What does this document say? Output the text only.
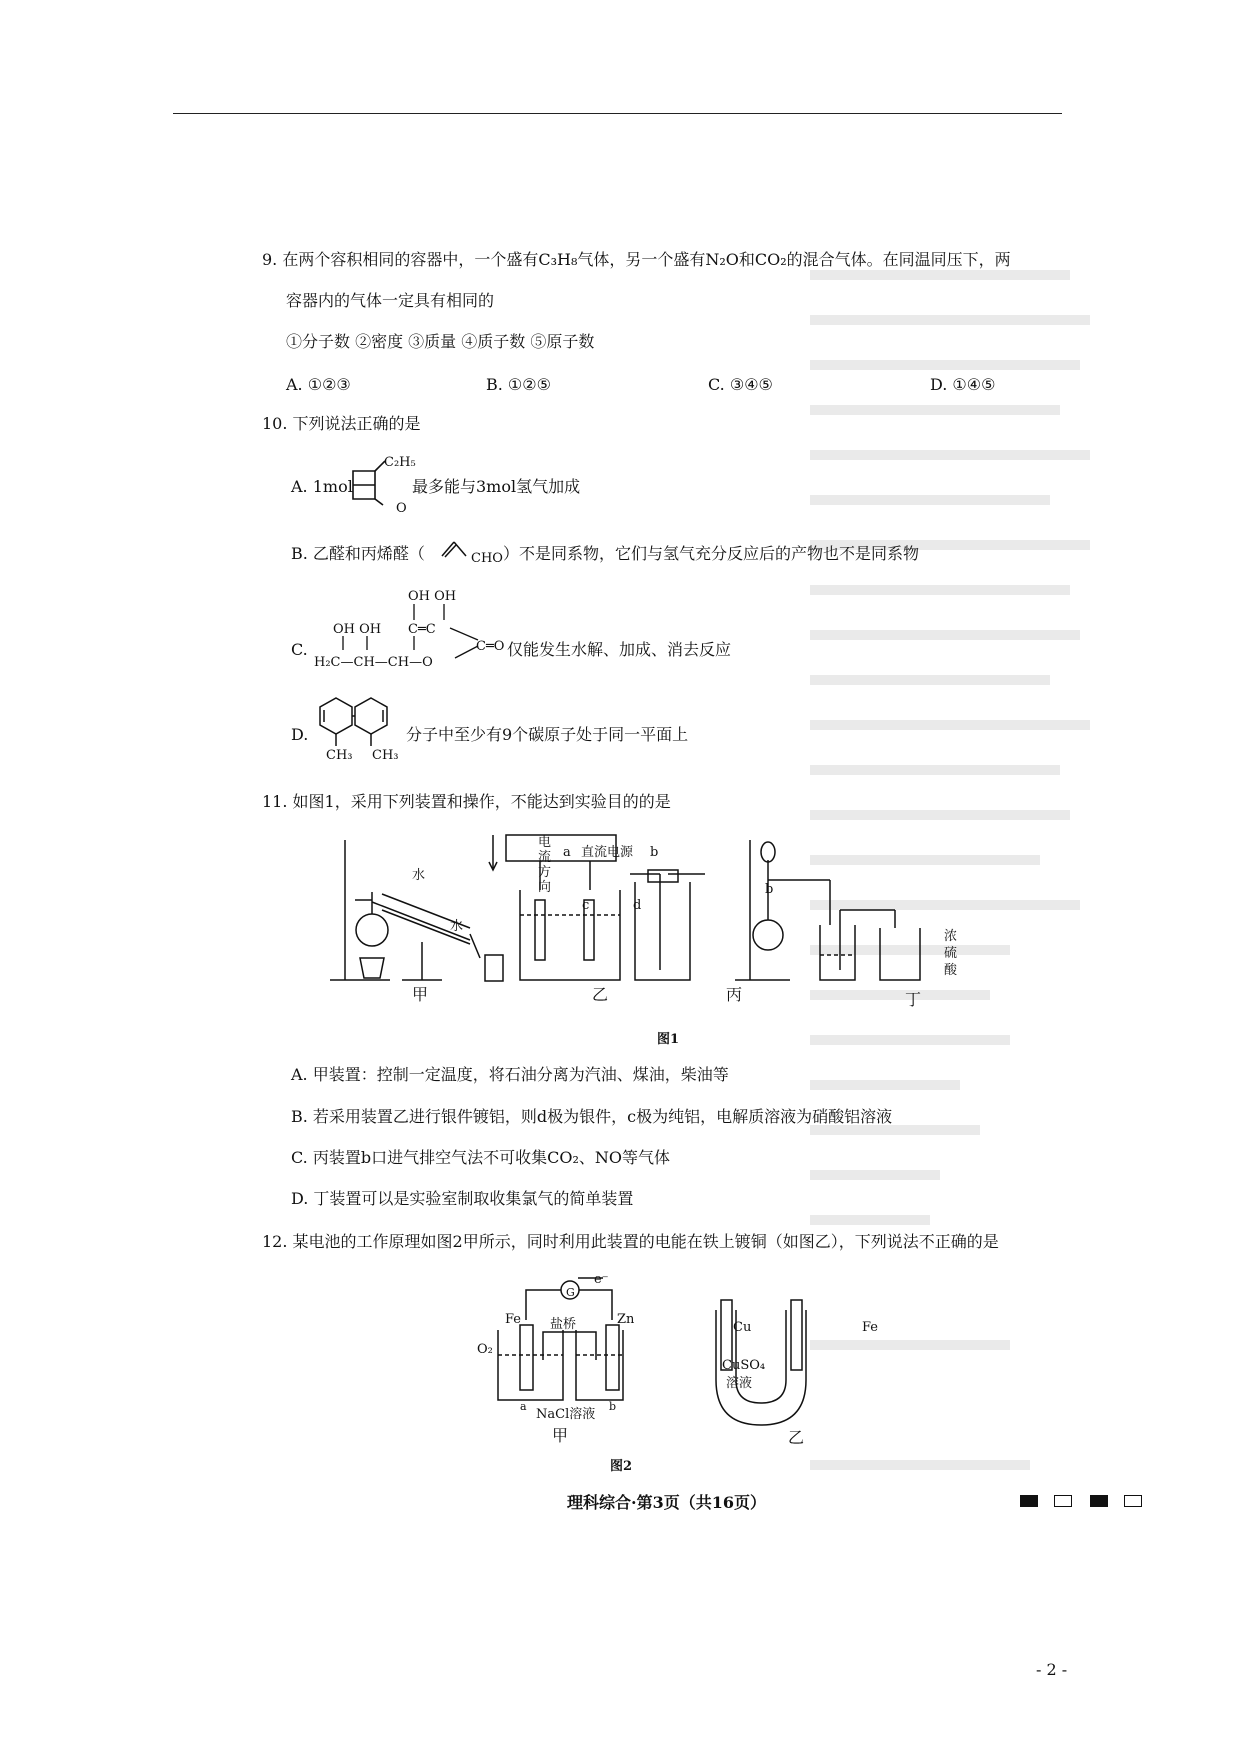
9. 在两个容积相同的容器中，一个盛有C₃H₈气体，另一个盛有N₂O和CO₂的混合气体。在同温同压下，两
容器内的气体一定具有相同的
①分子数 ②密度 ③质量 ④质子数 ⑤原子数
A. ①②③	B. ①②⑤	C. ③④⑤	D. ①④⑤
10. 下列说法正确的是
A. 1mol
C₂H₅
O
最多能与3mol氢气加成
B. 乙醛和丙烯醛（	CHO ）不是同系物，它们与氢气充分反应后的产物也不是同系物
C.
OH OH
OH OH C═C
H₂C—CH—CH—O
C═O 仅能发生水解、加成、消去反应
D.
CH₃ CH₃
分子中至少有9个碳原子处于同一平面上
11. 如图1，采用下列装置和操作，不能达到实验目的的是
水
水
甲
电流方向
a 直流电源 b
c	d
乙
b
丙
浓硫酸
丁
图1
A. 甲装置：控制一定温度，将石油分离为汽油、煤油，柴油等
B. 若采用装置乙进行银件镀铝，则d极为银件，c极为纯铝，电解质溶液为硝酸铝溶液
C. 丙装置b口进气排空气法不可收集CO₂、NO等气体
D. 丁装置可以是实验室制取收集氯气的简单装置
12. 某电池的工作原理如图2甲所示，同时利用此装置的电能在铁上镀铜（如图乙），下列说法不正确的是
e⁻
G
Fe 盐桥	Zn
O₂
a	b
NaCl溶液
甲
Cu	Fe
CuSO₄
溶液
乙
图2
理科综合·第3页（共16页）
- 2 -
